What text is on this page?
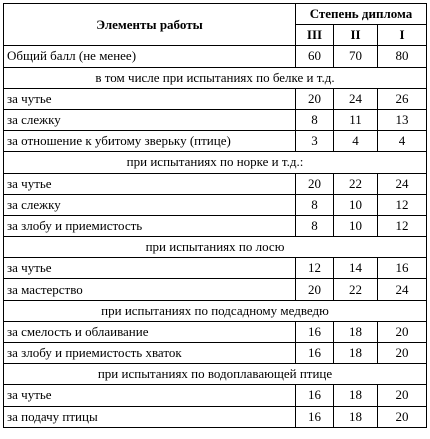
Элементы работы	Степень диплома		
	III	II	I
Общий балл (не менее)	60	70	80
в том числе при испытаниях по белке и т.д.			
за чутье	20	24	26
за слежку	8	11	13
за отношение к убитому зверьку (птице)	3	4	4
при испытаниях по норке и т.д.:			
за чутье	20	22	24
за слежку	8	10	12
за злобу и приемистость	8	10	12
при испытаниях по лосю			
за чутье	12	14	16
за мастерство	20	22	24
при испытаниях по подсадному медведю			
за смелость и облаивание	16	18	20
за злобу и приемистость хваток	16	18	20
при испытаниях по водоплавающей птице			
за чутье	16	18	20
за подачу птицы	16	18	20
